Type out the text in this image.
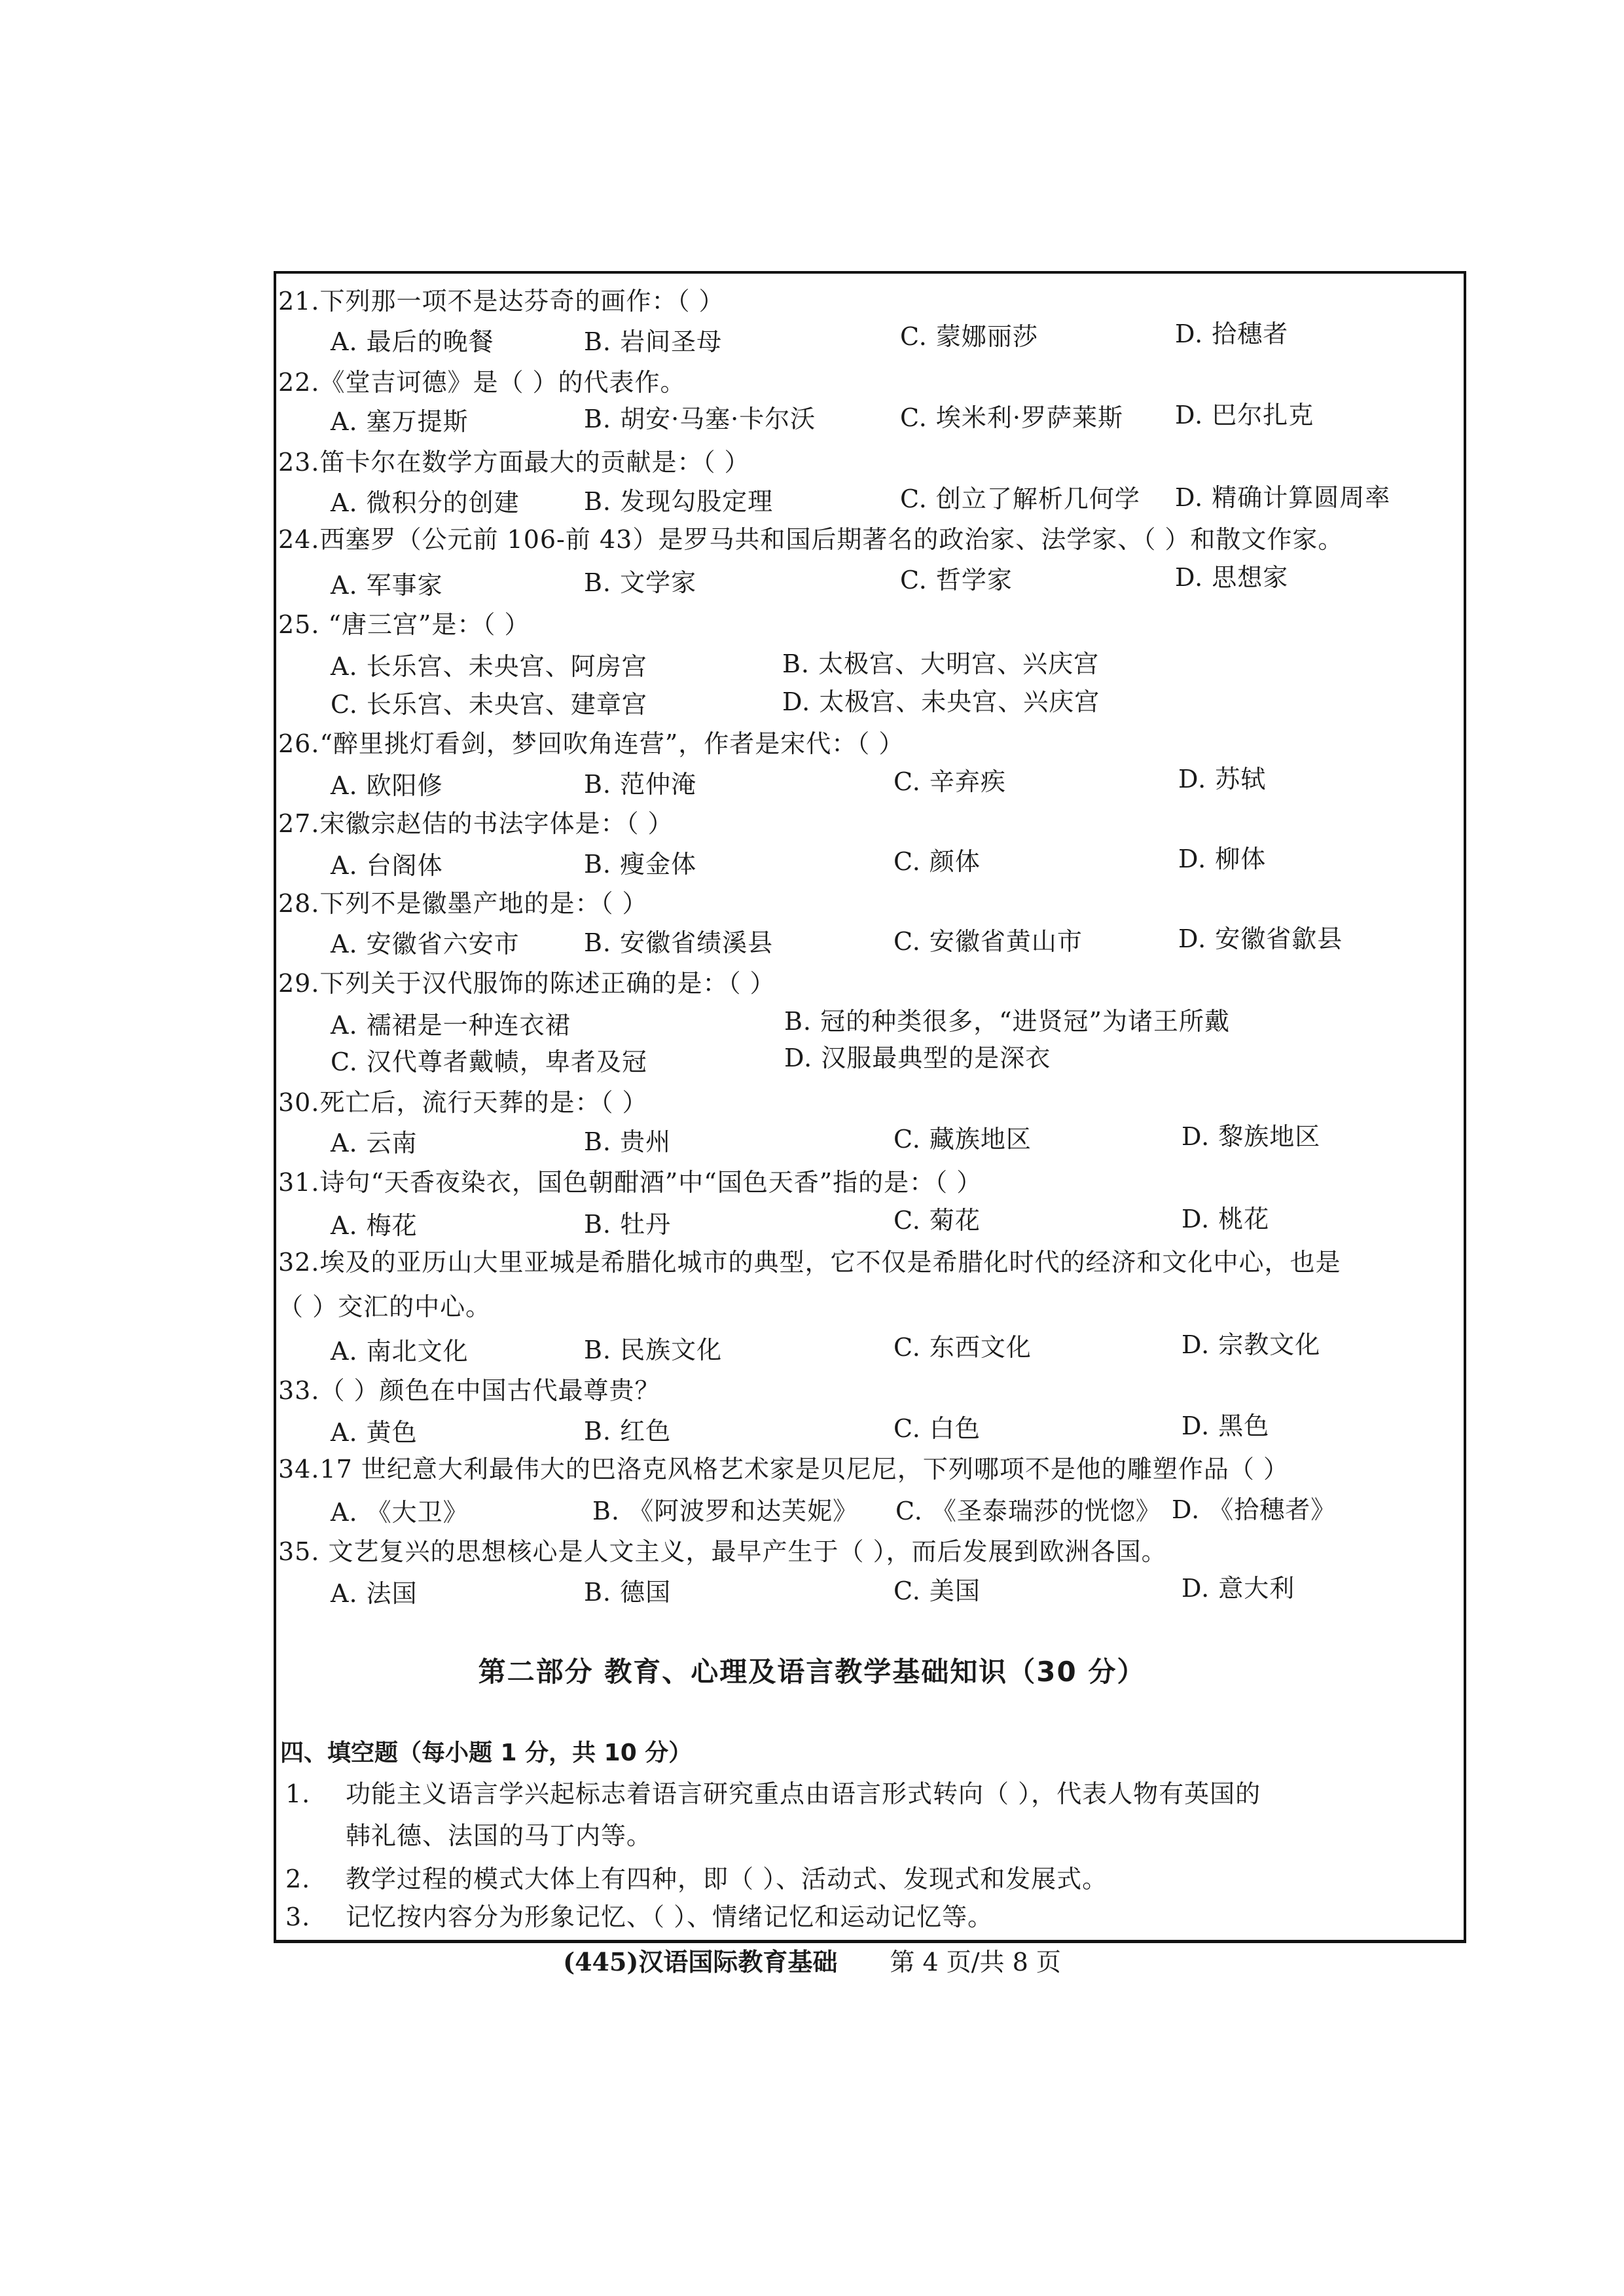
21.下列那一项不是达芬奇的画作：（ ）
A. 最后的晚餐	B. 岩间圣母	C. 蒙娜丽莎	D. 拾穗者
22.《堂吉诃德》是（ ）的代表作。
A. 塞万提斯	B. 胡安·马塞·卡尔沃	C. 埃米利·罗萨莱斯 D. 巴尔扎克
23.笛卡尔在数学方面最大的贡献是：（ ）
A. 微积分的创建	B. 发现勾股定理	C. 创立了解析几何学 D. 精确计算圆周率
24.西塞罗（公元前 106-前 43）是罗马共和国后期著名的政治家、法学家、（ ）和散文作家。
A. 军事家	B. 文学家	C. 哲学家	D. 思想家
25. “唐三宫”是：（ ）
A. 长乐宫、未央宫、阿房宫	B. 太极宫、大明宫、兴庆宫
C. 长乐宫、未央宫、建章宫	D. 太极宫、未央宫、兴庆宫
26.“醉里挑灯看剑，梦回吹角连营”，作者是宋代：（ ）
A. 欧阳修	B. 范仲淹	C. 辛弃疾	D. 苏轼
27.宋徽宗赵佶的书法字体是：（ ）
A. 台阁体	B. 瘦金体	C. 颜体	D. 柳体
28.下列不是徽墨产地的是：（ ）
A. 安徽省六安市	B. 安徽省绩溪县	C. 安徽省黄山市	D. 安徽省歙县
29.下列关于汉代服饰的陈述正确的是：（ ）
A. 襦裙是一种连衣裙	B. 冠的种类很多，“进贤冠”为诸王所戴
C. 汉代尊者戴帻，卑者及冠	D. 汉服最典型的是深衣
30.死亡后，流行天葬的是：（ ）
A. 云南	B. 贵州	C. 藏族地区	D. 黎族地区
31.诗句“天香夜染衣，国色朝酣酒”中“国色天香”指的是：（ ）
A. 梅花	B. 牡丹	C. 菊花	D. 桃花
32.埃及的亚历山大里亚城是希腊化城市的典型，它不仅是希腊化时代的经济和文化中心，也是
（ ）交汇的中心。
A. 南北文化	B. 民族文化	C. 东西文化	D. 宗教文化
33.（ ）颜色在中国古代最尊贵？
A. 黄色	B. 红色	C. 白色	D. 黑色
34.17 世纪意大利最伟大的巴洛克风格艺术家是贝尼尼，下列哪项不是他的雕塑作品（ ）
A. 《大卫》	B. 《阿波罗和达芙妮》 C. 《圣泰瑞莎的恍惚》 D. 《拾穗者》
35. 文艺复兴的思想核心是人文主义，最早产生于（ ），而后发展到欧洲各国。
A. 法国	B. 德国	C. 美国	D. 意大利
第二部分 教育、心理及语言教学基础知识（30 分）
四、填空题（每小题 1 分，共 10 分）
1. 功能主义语言学兴起标志着语言研究重点由语言形式转向（ ），代表人物有英国的
韩礼德、法国的马丁内等。
2. 教学过程的模式大体上有四种，即（ ）、活动式、发现式和发展式。
3. 记忆按内容分为形象记忆、（ ）、情绪记忆和运动记忆等。
(445)汉语国际教育基础 第 4 页/共 8 页
